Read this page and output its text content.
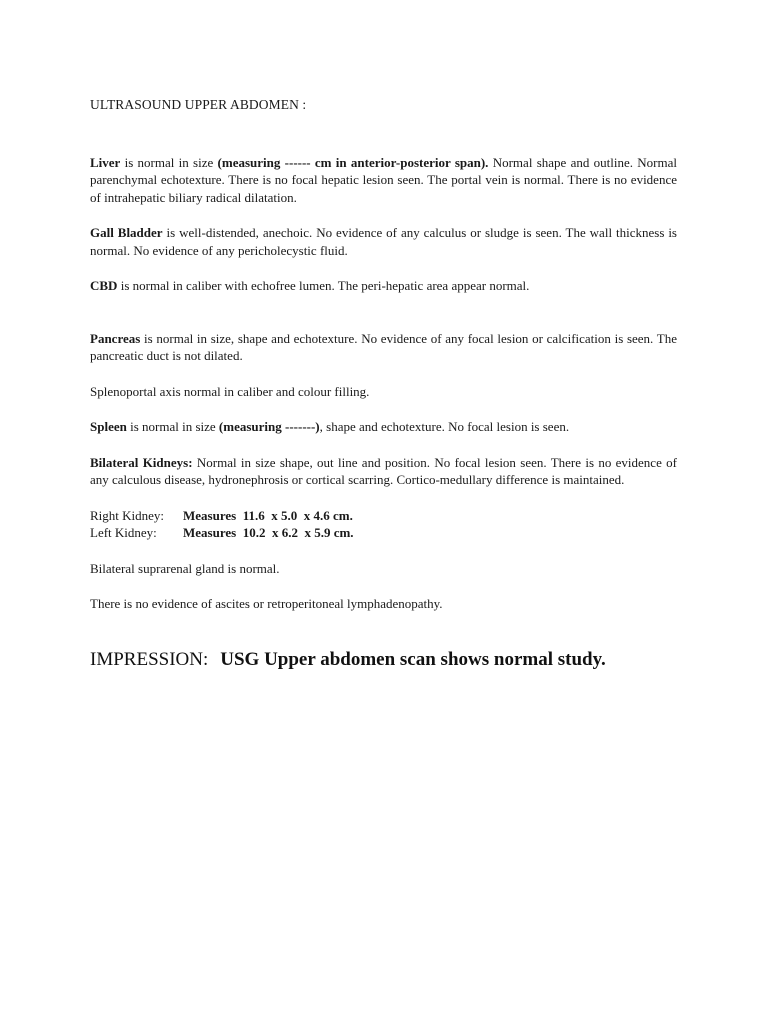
ULTRASOUND UPPER ABDOMEN :

Liver is normal in size (measuring ------ cm in anterior-posterior span). Normal shape and outline. Normal parenchymal echotexture. There is no focal hepatic lesion seen. The portal vein is normal. There is no evidence of intrahepatic biliary radical dilatation.

Gall Bladder is well-distended, anechoic. No evidence of any calculus or sludge is seen. The wall thickness is normal. No evidence of any pericholecystic fluid.

CBD is normal in caliber with echofree lumen. The peri-hepatic area appear normal.

Pancreas is normal in size, shape and echotexture. No evidence of any focal lesion or calcification is seen. The pancreatic duct is not dilated.

Splenoportal axis normal in caliber and colour filling.

Spleen is normal in size (measuring -------), shape and echotexture. No focal lesion is seen.

Bilateral Kidneys: Normal in size shape, out line and position. No focal lesion seen. There is no evidence of any calculous disease, hydronephrosis or cortical scarring. Cortico-medullary difference is maintained.

Right Kidney:	Measures  11.6  x 5.0  x 4.6 cm.
Left Kidney:	Measures  10.2  x 6.2  x 5.9 cm.

Bilateral suprarenal gland is normal.

There is no evidence of ascites or retroperitoneal lymphadenopathy.

IMPRESSION: USG Upper abdomen scan shows normal study.
